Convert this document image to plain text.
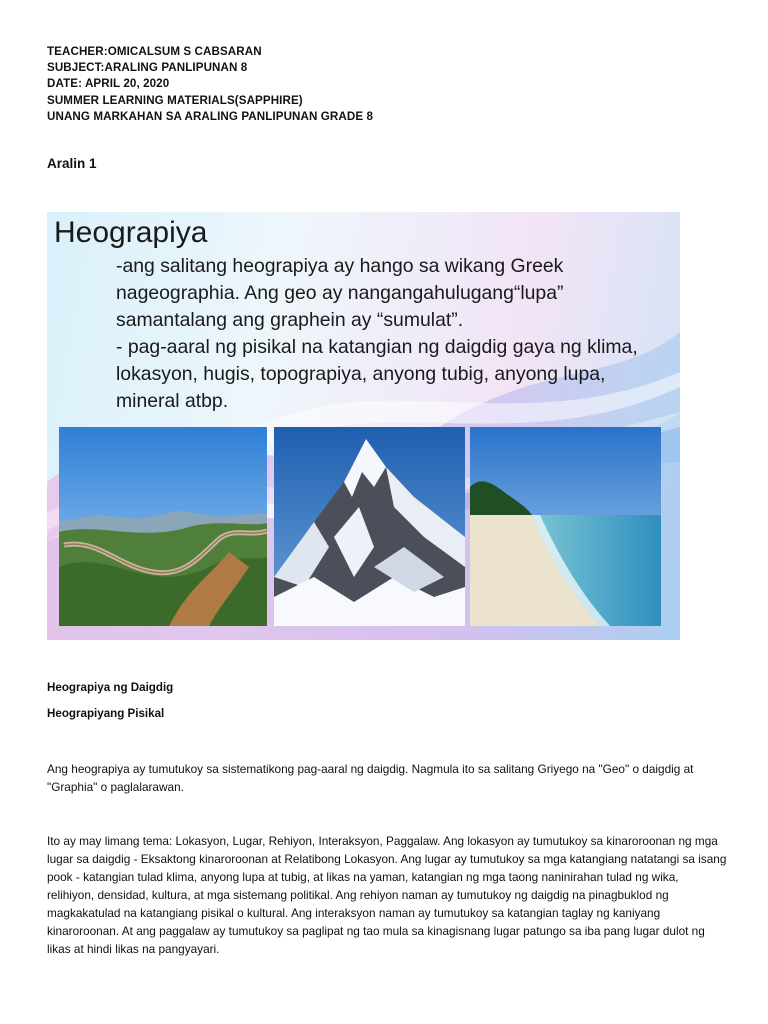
TEACHER:OMICALSUM S CABSARAN
SUBJECT:ARALING PANLIPUNAN 8
DATE: APRIL 20, 2020
SUMMER LEARNING MATERIALS(SAPPHIRE)
UNANG MARKAHAN SA ARALING PANLIPUNAN GRADE 8
Aralin 1
Heograpiya

-ang salitang heograpiya ay hango sa wikang Greek nageographia. Ang geo ay nangangahulugang“lupa” samantalang ang graphein ay “sumulat”.

- pag-aaral ng pisikal na katangian ng daigdig gaya ng klima, lokasyon, hugis, topograpiya, anyong tubig, anyong lupa, mineral atbp.

Heograpiya ng Daigdig
Heograpiyang Pisikal

Ang heograpiya ay tumutukoy sa sistematikong pag-aaral ng daigdig. Nagmula ito sa salitang Griyego na "Geo" o daigdig at "Graphia" o paglalarawan.

Ito ay may limang tema: Lokasyon, Lugar, Rehiyon, Interaksyon, Paggalaw. Ang lokasyon ay tumutukoy sa kinaroroonan ng mga lugar sa daigdig - Eksaktong kinaroroonan at Relatibong Lokasyon. Ang lugar ay tumutukoy sa mga katangiang natatangi sa isang pook - katangian tulad klima, anyong lupa at tubig, at likas na yaman, katangian ng mga taong naninirahan tulad ng wika, relihiyon, densidad, kultura, at mga sistemang politikal. Ang rehiyon naman ay tumutukoy ng daigdig na pinagbuklod ng magkakatulad na katangiang pisikal o kultural. Ang interaksyon naman ay tumutukoy sa katangian taglay ng kaniyang kinaroroonan. At ang paggalaw ay tumutukoy sa paglipat ng tao mula sa kinagisnang lugar patungo sa iba pang lugar dulot ng likas at hindi likas na pangyayari.
